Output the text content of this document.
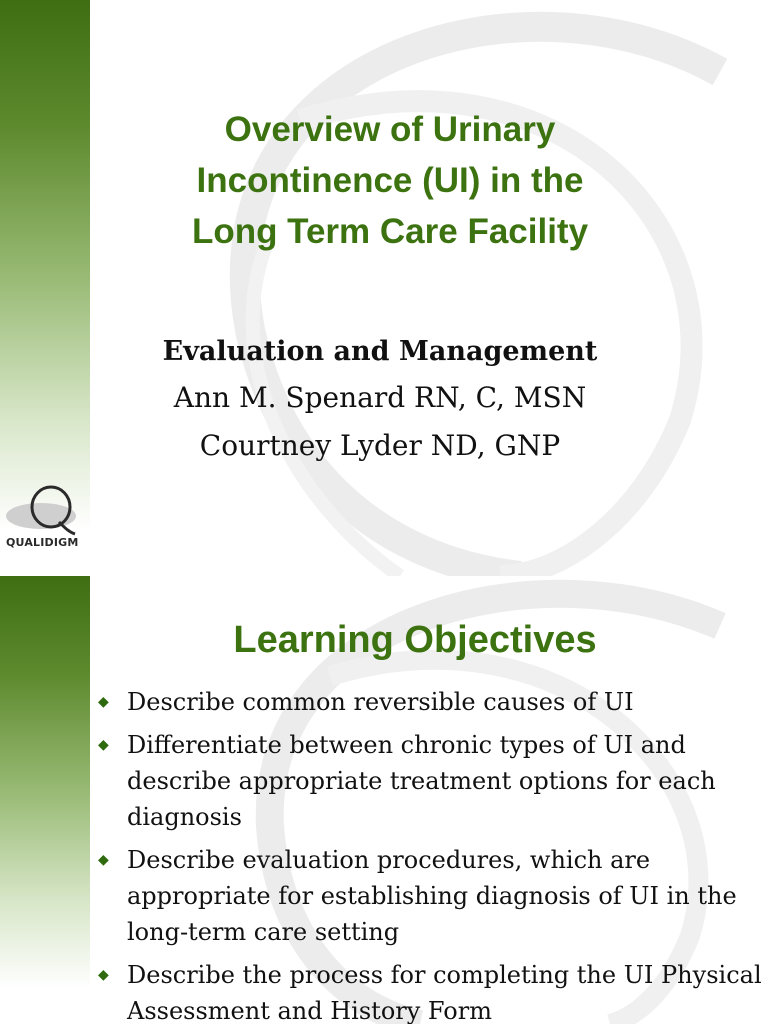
Overview of Urinary
Incontinence (UI) in the
Long Term Care Facility
Evaluation and Management
Ann M. Spenard RN, C, MSN
Courtney Lyder ND, GNP
QUALIDIGM
Learning Objectives
◆ Describe common reversible causes of UI
◆ Differentiate between chronic types of UI and describe appropriate treatment options for each diagnosis
◆ Describe evaluation procedures, which are appropriate for establishing diagnosis of UI in the long-term care setting
◆ Describe the process for completing the UI Physical Assessment and History Form
